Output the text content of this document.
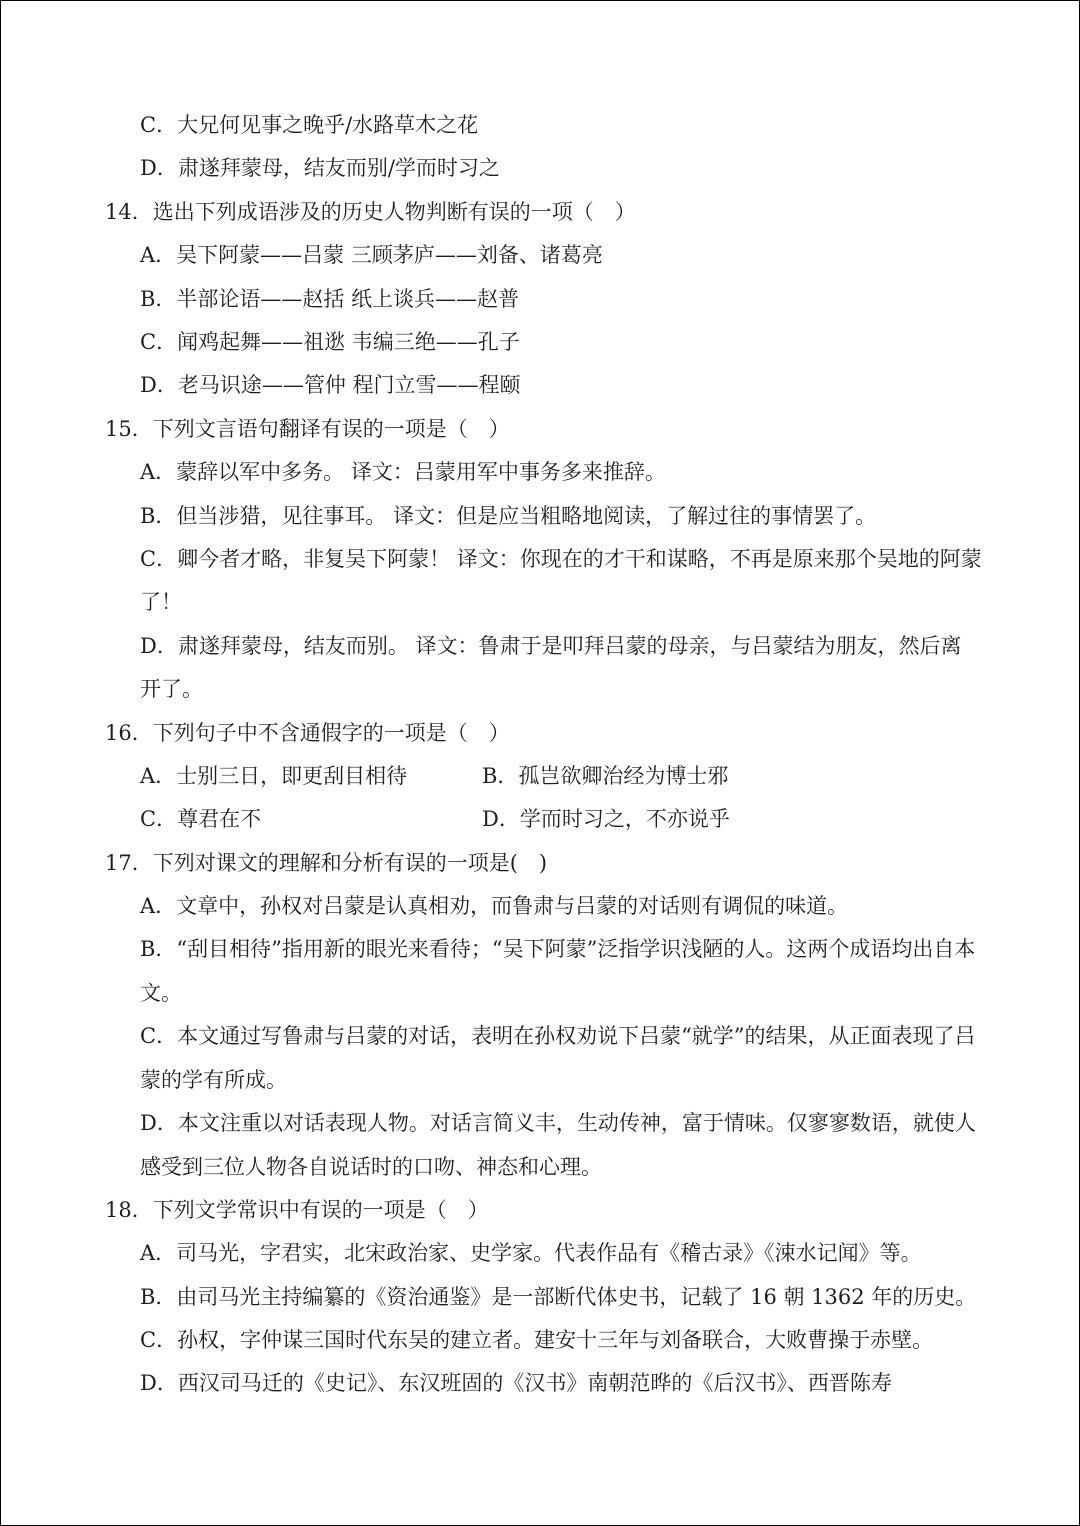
C．大兄何见事之晚乎/水路草木之花
D．肃遂拜蒙母，结友而别/学而时习之
14．选出下列成语涉及的历史人物判断有误的一项（　）
A．吴下阿蒙——吕蒙 三顾茅庐——刘备、诸葛亮
B．半部论语——赵括 纸上谈兵——赵普
C．闻鸡起舞——祖逖 韦编三绝——孔子
D．老马识途——管仲 程门立雪——程颐
15．下列文言语句翻译有误的一项是（　）
A．蒙辞以军中多务。 译文：吕蒙用军中事务多来推辞。
B．但当涉猎，见往事耳。 译文：但是应当粗略地阅读，了解过往的事情罢了。
C．卿今者才略，非复吴下阿蒙！ 译文：你现在的才干和谋略，不再是原来那个吴地的阿蒙了！
D．肃遂拜蒙母，结友而别。 译文：鲁肃于是叩拜吕蒙的母亲，与吕蒙结为朋友，然后离开了。
16．下列句子中不含通假字的一项是（　）
A．士别三日，即更刮目相待	B．孤岂欲卿治经为博士邪
C．尊君在不	D．学而时习之，不亦说乎
17．下列对课文的理解和分析有误的一项是(　)
A．文章中，孙权对吕蒙是认真相劝，而鲁肃与吕蒙的对话则有调侃的味道。
B．“刮目相待”指用新的眼光来看待；“吴下阿蒙”泛指学识浅陋的人。这两个成语均出自本文。
C．本文通过写鲁肃与吕蒙的对话，表明在孙权劝说下吕蒙“就学”的结果，从正面表现了吕蒙的学有所成。
D．本文注重以对话表现人物。对话言简义丰，生动传神，富于情味。仅寥寥数语，就使人感受到三位人物各自说话时的口吻、神态和心理。
18．下列文学常识中有误的一项是（　）
A．司马光，字君实，北宋政治家、史学家。代表作品有《稽古录》《涑水记闻》等。
B．由司马光主持编纂的《资治通鉴》是一部断代体史书，记载了 16 朝 1362 年的历史。
C．孙权，字仲谋三国时代东吴的建立者。建安十三年与刘备联合，大败曹操于赤壁。
D．西汉司马迁的《史记》、东汉班固的《汉书》南朝范晔的《后汉书》、西晋陈寿
